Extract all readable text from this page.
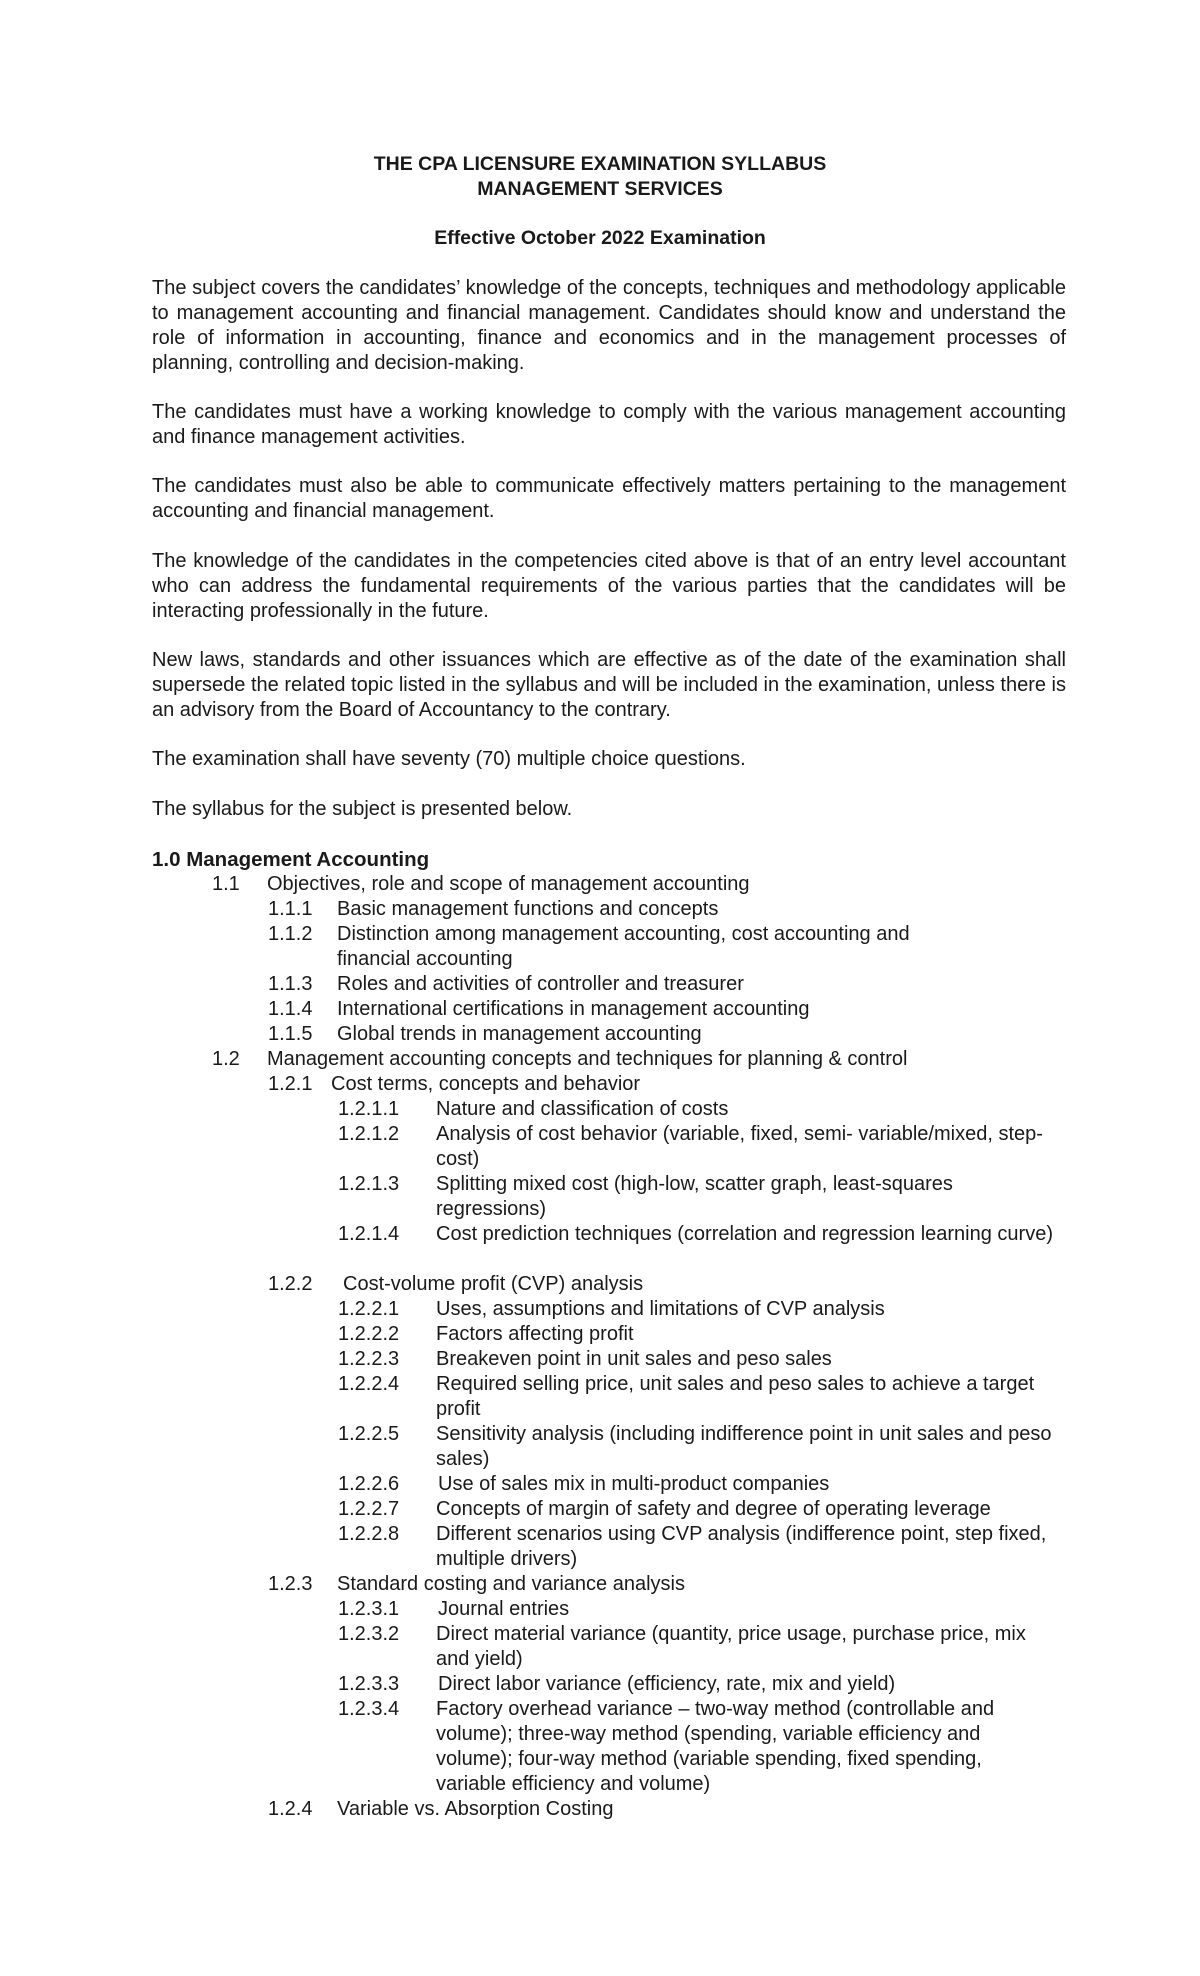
THE CPA LICENSURE EXAMINATION SYLLABUS
MANAGEMENT SERVICES
Effective October 2022 Examination

The subject covers the candidates’ knowledge of the concepts, techniques and methodology applicable to management accounting and financial management. Candidates should know and understand the role of information in accounting, finance and economics and in the management processes of planning, controlling and decision-making.

The candidates must have a working knowledge to comply with the various management accounting and finance management activities.

The candidates must also be able to communicate effectively matters pertaining to the management accounting and financial management.

The knowledge of the candidates in the competencies cited above is that of an entry level accountant who can address the fundamental requirements of the various parties that the candidates will be interacting professionally in the future.

New laws, standards and other issuances which are effective as of the date of the examination shall supersede the related topic listed in the syllabus and will be included in the examination, unless there is an advisory from the Board of Accountancy to the contrary.

The examination shall have seventy (70) multiple choice questions.

The syllabus for the subject is presented below.

1.0 Management Accounting
1.1 Objectives, role and scope of management accounting
1.1.1 Basic management functions and concepts
1.1.2 Distinction among management accounting, cost accounting and financial accounting
1.1.3 Roles and activities of controller and treasurer
1.1.4 International certifications in management accounting
1.1.5 Global trends in management accounting
1.2 Management accounting concepts and techniques for planning & control
1.2.1 Cost terms, concepts and behavior
1.2.1.1 Nature and classification of costs
1.2.1.2 Analysis of cost behavior (variable, fixed, semi- variable/mixed, step-cost)
1.2.1.3 Splitting mixed cost (high-low, scatter graph, least-squares regressions)
1.2.1.4 Cost prediction techniques (correlation and regression learning curve)
1.2.2 Cost-volume profit (CVP) analysis
1.2.2.1 Uses, assumptions and limitations of CVP analysis
1.2.2.2 Factors affecting profit
1.2.2.3 Breakeven point in unit sales and peso sales
1.2.2.4 Required selling price, unit sales and peso sales to achieve a target profit
1.2.2.5 Sensitivity analysis (including indifference point in unit sales and peso sales)
1.2.2.6 Use of sales mix in multi-product companies
1.2.2.7 Concepts of margin of safety and degree of operating leverage
1.2.2.8 Different scenarios using CVP analysis (indifference point, step fixed, multiple drivers)
1.2.3 Standard costing and variance analysis
1.2.3.1 Journal entries
1.2.3.2 Direct material variance (quantity, price usage, purchase price, mix and yield)
1.2.3.3 Direct labor variance (efficiency, rate, mix and yield)
1.2.3.4 Factory overhead variance – two-way method (controllable and volume); three-way method (spending, variable efficiency and volume); four-way method (variable spending, fixed spending, variable efficiency and volume)
1.2.4 Variable vs. Absorption Costing
